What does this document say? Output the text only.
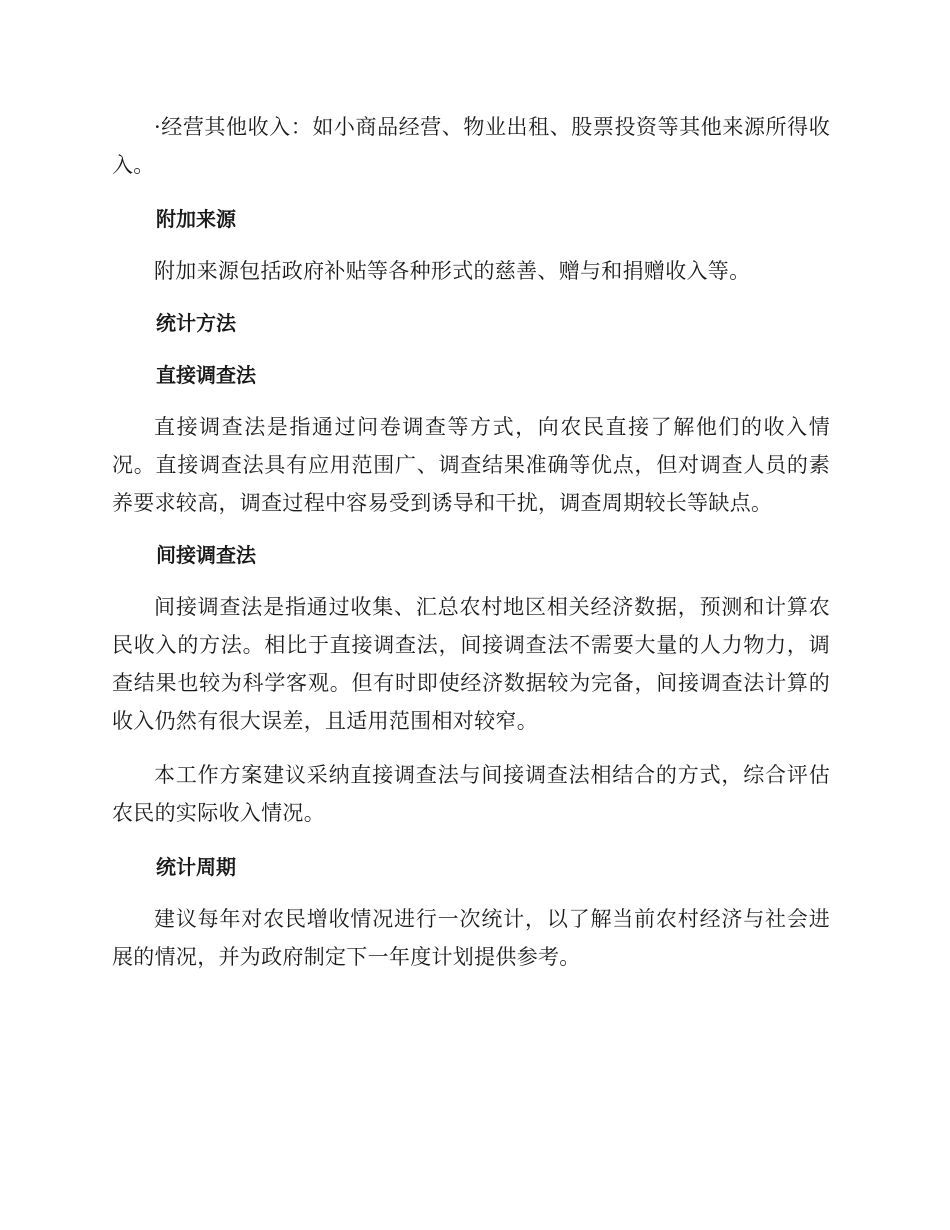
·经营其他收入：如小商品经营、物业出租、股票投资等其他来源所得收入。

附加来源

附加来源包括政府补贴等各种形式的慈善、赠与和捐赠收入等。

统计方法
直接调查法

直接调查法是指通过问卷调查等方式，向农民直接了解他们的收入情况。直接调查法具有应用范围广、调查结果准确等优点，但对调查人员的素养要求较高，调查过程中容易受到诱导和干扰，调查周期较长等缺点。

间接调查法

间接调查法是指通过收集、汇总农村地区相关经济数据，预测和计算农民收入的方法。相比于直接调查法，间接调查法不需要大量的人力物力，调查结果也较为科学客观。但有时即使经济数据较为完备，间接调查法计算的收入仍然有很大误差，且适用范围相对较窄。

本工作方案建议采纳直接调查法与间接调查法相结合的方式，综合评估农民的实际收入情况。

统计周期

建议每年对农民增收情况进行一次统计，以了解当前农村经济与社会进展的情况，并为政府制定下一年度计划提供参考。
